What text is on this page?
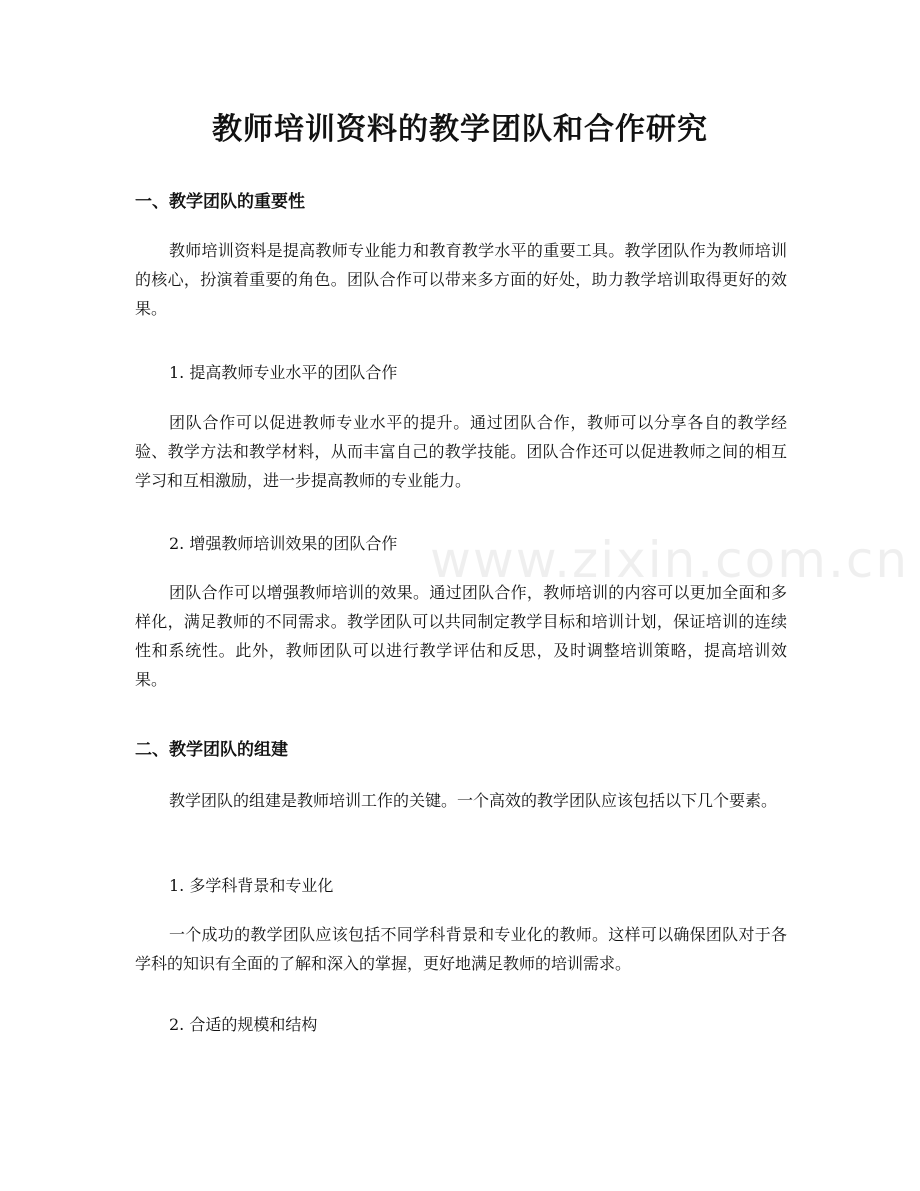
www.zixin.com.cn
教师培训资料的教学团队和合作研究
一、教学团队的重要性

教师培训资料是提高教师专业能力和教育教学水平的重要工具。教学团队作为教师培训的核心，扮演着重要的角色。团队合作可以带来多方面的好处，助力教学培训取得更好的效果。

1. 提高教师专业水平的团队合作

团队合作可以促进教师专业水平的提升。通过团队合作，教师可以分享各自的教学经验、教学方法和教学材料，从而丰富自己的教学技能。团队合作还可以促进教师之间的相互学习和互相激励，进一步提高教师的专业能力。

2. 增强教师培训效果的团队合作

团队合作可以增强教师培训的效果。通过团队合作，教师培训的内容可以更加全面和多样化，满足教师的不同需求。教学团队可以共同制定教学目标和培训计划，保证培训的连续性和系统性。此外，教师团队可以进行教学评估和反思，及时调整培训策略，提高培训效果。

二、教学团队的组建

教学团队的组建是教师培训工作的关键。一个高效的教学团队应该包括以下几个要素。

1. 多学科背景和专业化

一个成功的教学团队应该包括不同学科背景和专业化的教师。这样可以确保团队对于各学科的知识有全面的了解和深入的掌握，更好地满足教师的培训需求。

2. 合适的规模和结构
